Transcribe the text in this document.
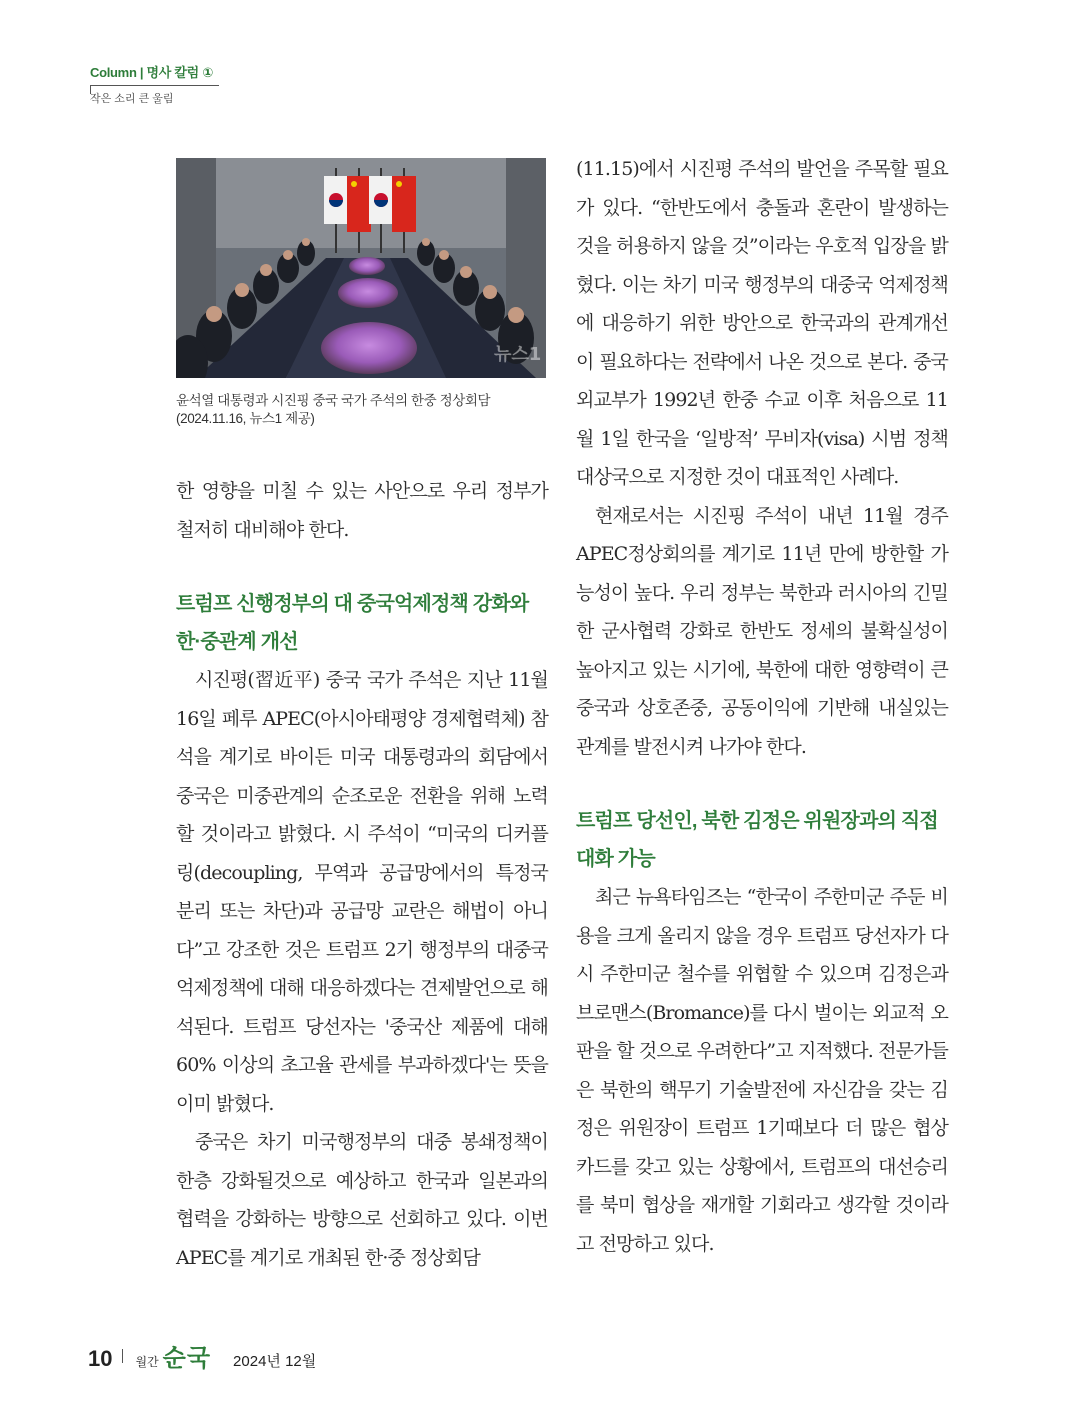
Column | 명사 칼럼 ①
작은 소리 큰 울림
뉴스1
윤석열 대통령과 시진핑 중국 국가 주석의 한중 정상회담
(2024.11.16, 뉴스1 제공)

한 영향을 미칠 수 있는 사안으로 우리 정부가 철저히 대비해야 한다.

트럼프 신행정부의 대 중국억제정책 강화와 한·중관계 개선

시진평(習近平) 중국 국가 주석은 지난 11월 16일 페루 APEC(아시아태평양 경제협력체) 참석을 계기로 바이든 미국 대통령과의 회담에서 중국은 미중관계의 순조로운 전환을 위해 노력할 것이라고 밝혔다. 시 주석이 “미국의 디커플링(decoupling, 무역과 공급망에서의 특정국 분리 또는 차단)과 공급망 교란은 해법이 아니다”고 강조한 것은 트럼프 2기 행정부의 대중국 억제정책에 대해 대응하겠다는 견제발언으로 해석된다. 트럼프 당선자는 '중국산 제품에 대해 60% 이상의 초고율 관세를 부과하겠다'는 뜻을 이미 밝혔다.

중국은 차기 미국행정부의 대중 봉쇄정책이 한층 강화될것으로 예상하고 한국과 일본과의 협력을 강화하는 방향으로 선회하고 있다. 이번 APEC를 계기로 개최된 한·중 정상회담

(11.15)에서 시진평 주석의 발언을 주목할 필요가 있다. “한반도에서 충돌과 혼란이 발생하는 것을 허용하지 않을 것”이라는 우호적 입장을 밝혔다. 이는 차기 미국 행정부의 대중국 억제정책에 대응하기 위한 방안으로 한국과의 관계개선이 필요하다는 전략에서 나온 것으로 본다. 중국 외교부가 1992년 한중 수교 이후 처음으로 11월 1일 한국을 ‘일방적’ 무비자(visa) 시범 정책 대상국으로 지정한 것이 대표적인 사례다.

현재로서는 시진핑 주석이 내년 11월 경주 APEC정상회의를 계기로 11년 만에 방한할 가능성이 높다. 우리 정부는 북한과 러시아의 긴밀한 군사협력 강화로 한반도 정세의 불확실성이 높아지고 있는 시기에, 북한에 대한 영향력이 큰 중국과 상호존중, 공동이익에 기반해 내실있는 관계를 발전시켜 나가야 한다.

트럼프 당선인, 북한 김정은 위원장과의 직접 대화 가능

최근 뉴욕타임즈는 “한국이 주한미군 주둔 비용을 크게 올리지 않을 경우 트럼프 당선자가 다시 주한미군 철수를 위협할 수 있으며 김정은과 브로맨스(Bromance)를 다시 벌이는 외교적 오판을 할 것으로 우려한다”고 지적했다. 전문가들은 북한의 핵무기 기술발전에 자신감을 갖는 김정은 위원장이 트럼프 1기때보다 더 많은 협상 카드를 갖고 있는 상황에서, 트럼프의 대선승리를 북미 협상을 재개할 기회라고 생각할 것이라고 전망하고 있다.

10 월간 순국 2024년 12월
